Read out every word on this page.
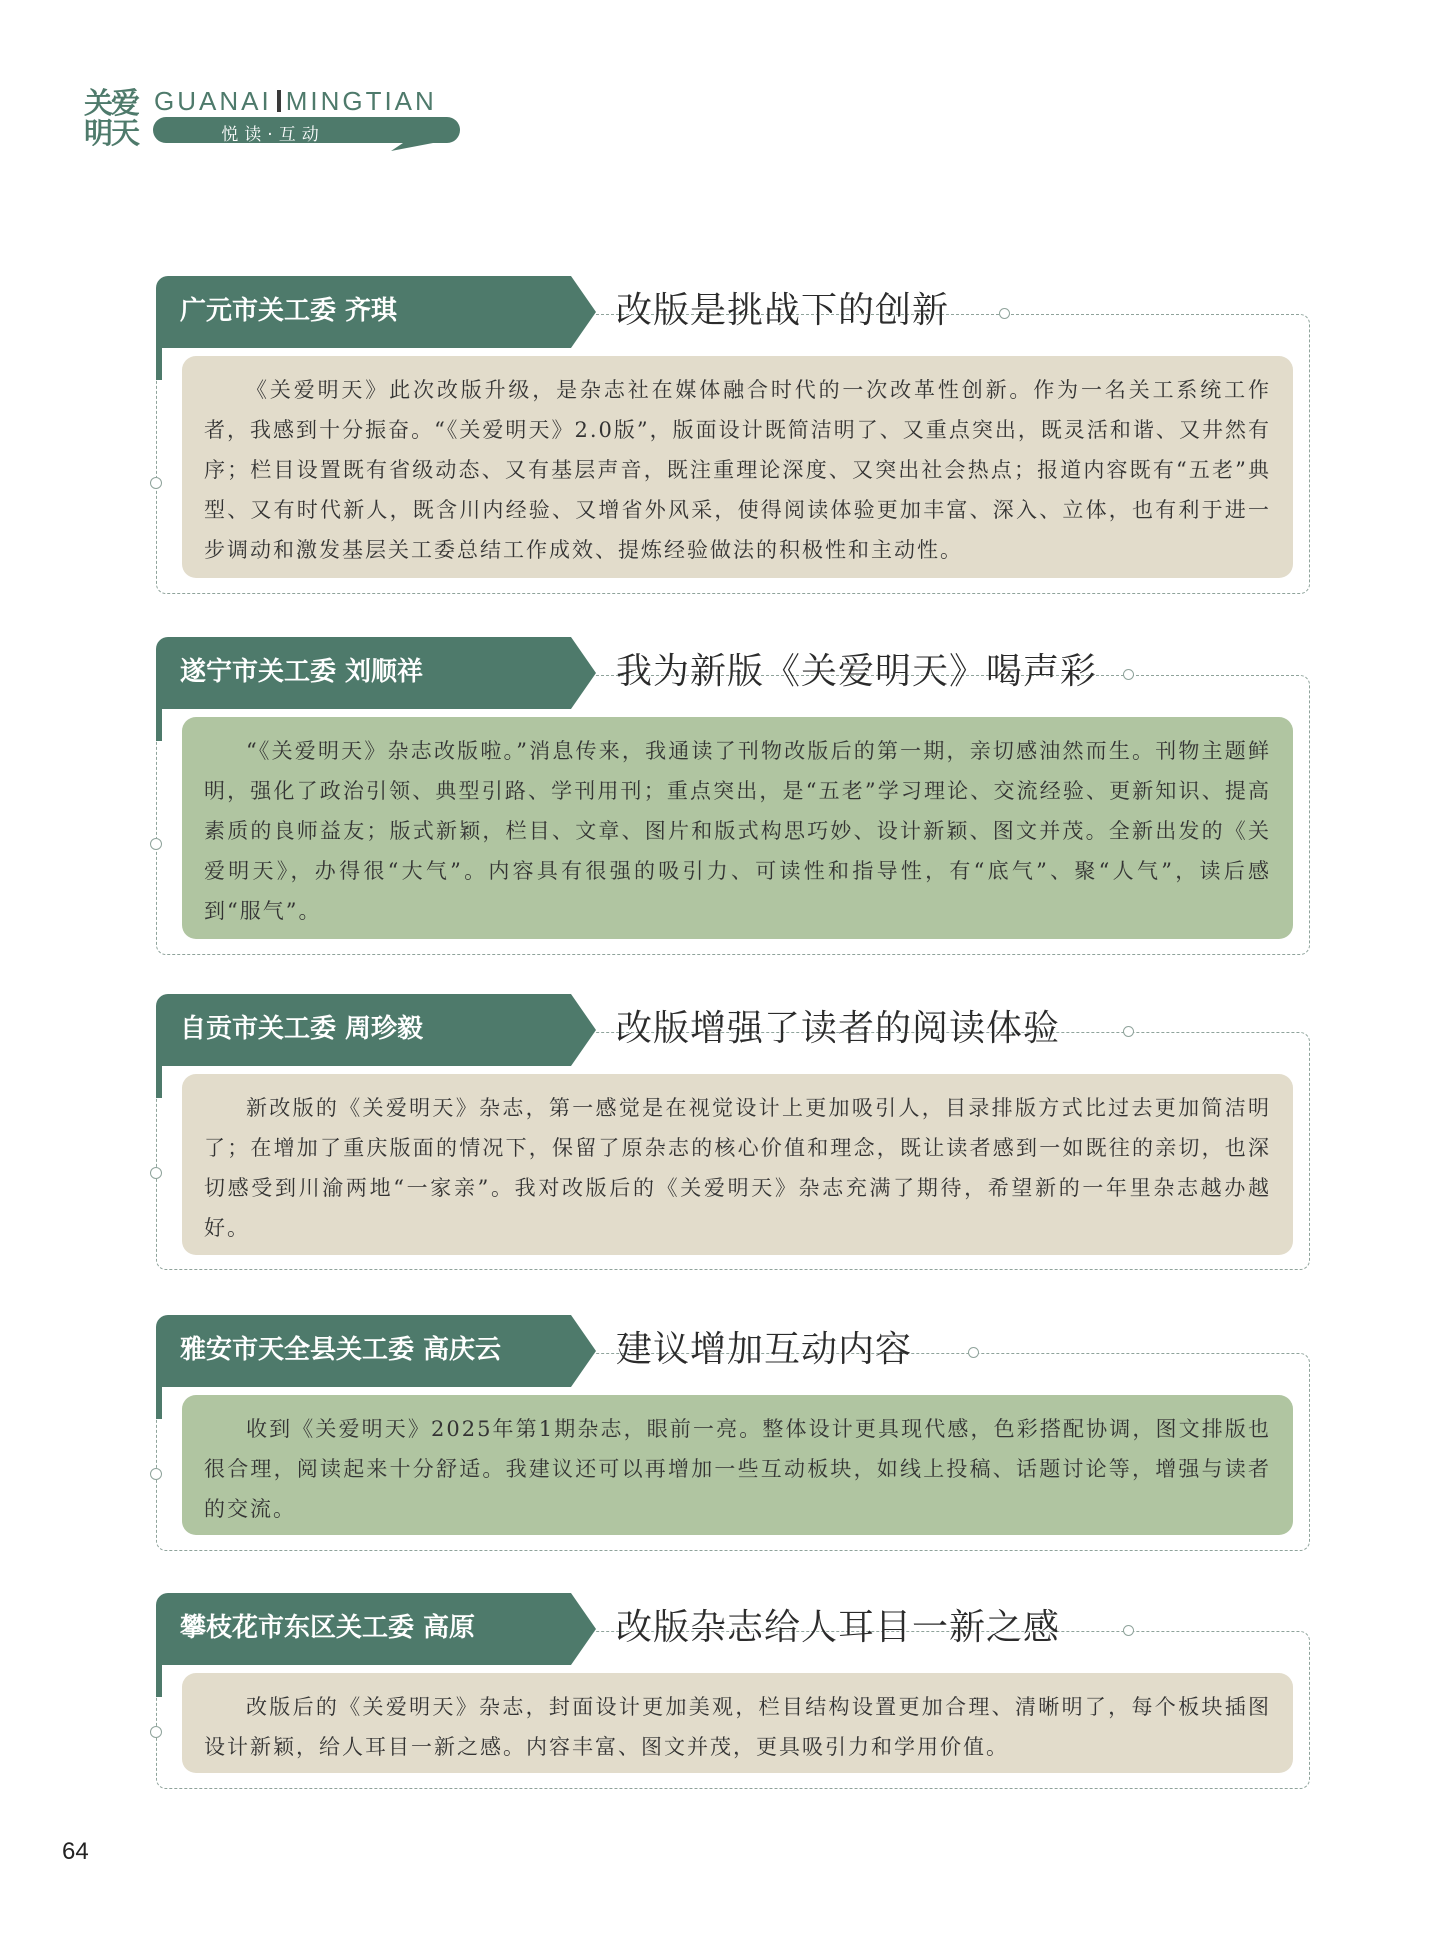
关爱
明天
GUANAI MINGTIAN
悦读·互动
广元市关工委 齐琪	改版是挑战下的创新

《关爱明天》此次改版升级，是杂志社在媒体融合时代的一次改革性创新。作为一名关工系统工作者，我感到十分振奋。“《关爱明天》2.0版”，版面设计既简洁明了、又重点突出，既灵活和谐、又井然有序；栏目设置既有省级动态、又有基层声音，既注重理论深度、又突出社会热点；报道内容既有“五老”典型、又有时代新人，既含川内经验、又增省外风采，使得阅读体验更加丰富、深入、立体，也有利于进一步调动和激发基层关工委总结工作成效、提炼经验做法的积极性和主动性。

遂宁市关工委 刘顺祥	我为新版《关爱明天》喝声彩

“《关爱明天》杂志改版啦。”消息传来，我通读了刊物改版后的第一期，亲切感油然而生。刊物主题鲜明，强化了政治引领、典型引路、学刊用刊；重点突出，是“五老”学习理论、交流经验、更新知识、提高素质的良师益友；版式新颖，栏目、文章、图片和版式构思巧妙、设计新颖、图文并茂。全新出发的《关爱明天》，办得很“大气”。内容具有很强的吸引力、可读性和指导性，有“底气”、聚“人气”，读后感到“服气”。

自贡市关工委 周珍毅	改版增强了读者的阅读体验

新改版的《关爱明天》杂志，第一感觉是在视觉设计上更加吸引人，目录排版方式比过去更加简洁明了；在增加了重庆版面的情况下，保留了原杂志的核心价值和理念，既让读者感到一如既往的亲切，也深切感受到川渝两地“一家亲”。我对改版后的《关爱明天》杂志充满了期待，希望新的一年里杂志越办越好。

雅安市天全县关工委 高庆云	建议增加互动内容

收到《关爱明天》2025年第1期杂志，眼前一亮。整体设计更具现代感，色彩搭配协调，图文排版也很合理，阅读起来十分舒适。我建议还可以再增加一些互动板块，如线上投稿、话题讨论等，增强与读者的交流。

攀枝花市东区关工委 高原	改版杂志给人耳目一新之感

改版后的《关爱明天》杂志，封面设计更加美观，栏目结构设置更加合理、清晰明了，每个板块插图设计新颖，给人耳目一新之感。内容丰富、图文并茂，更具吸引力和学用价值。

64
